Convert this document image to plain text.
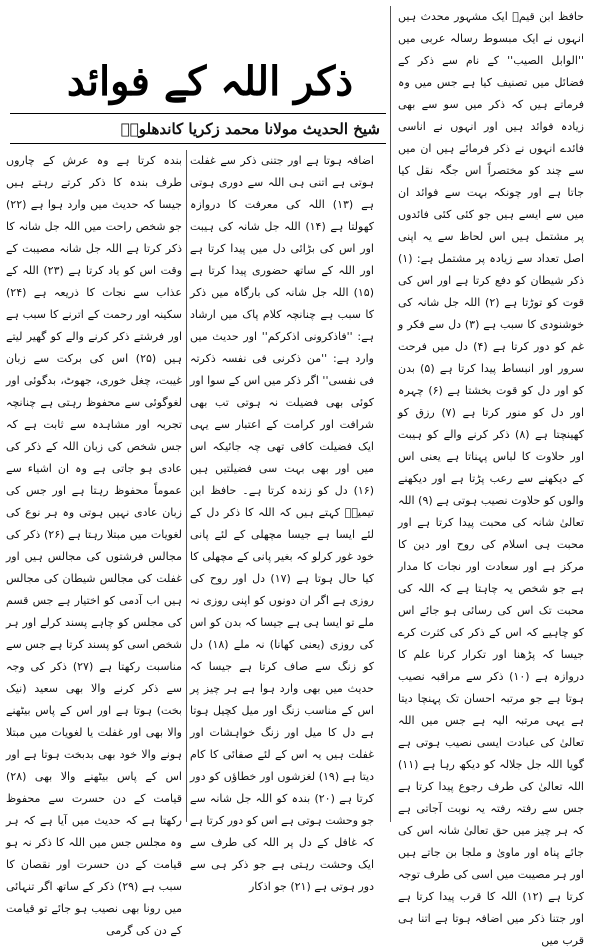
ذکر اللہ کے فوائد
شیخ الحدیث مولانا محمد زکریا کاندھلویؒ

حافظ ابن قیمؒ ایک مشہور محدث ہیں انہوں نے ایک مبسوط رسالہ عربی میں ''الوابل الصیب'' کے نام سے ذکر کے فضائل میں تصنیف کیا ہے جس میں وہ فرماتے ہیں کہ ذکر میں سو سے بھی زیادہ فوائد ہیں اور انہوں نے اناسی فائدے انہوں نے ذکر فرمائے ہیں ان میں سے چند کو مختصراً اس جگہ نقل کیا جاتا ہے اور چونکہ بہت سے فوائد ان میں سے ایسے ہیں جو کئی کئی فائدوں پر مشتمل ہیں اس لحاظ سے یہ اپنی اصل تعداد سے زیادہ پر مشتمل ہے: (۱) ذکر شیطان کو دفع کرتا ہے اور اس کی قوت کو توڑتا ہے (۲) اللہ جل شانہ کی خوشنودی کا سبب ہے (۳) دل سے فکر و غم کو دور کرتا ہے (۴) دل میں فرحت سرور اور انبساط پیدا کرتا ہے (۵) بدن کو اور دل کو قوت بخشتا ہے (۶) چہرہ اور دل کو منور کرتا ہے (۷) رزق کو کھینچتا ہے (۸) ذکر کرنے والے کو ہیبت اور حلاوت کا لباس پہناتا ہے یعنی اس کے دیکھنے سے رعب پڑتا ہے اور دیکھنے والوں کو حلاوت نصیب ہوتی ہے (۹) اللہ تعالیٰ شانہ کی محبت پیدا کرتا ہے اور محبت ہی اسلام کی روح اور دین کا مرکز ہے اور سعادت اور نجات کا مدار ہے جو شخص یہ چاہتا ہے کہ اللہ کی محبت تک اس کی رسائی ہو جائے اس کو چاہیے کہ اس کے ذکر کی کثرت کرے جیسا کہ پڑھنا اور تکرار کرنا علم کا دروازہ ہے (۱۰) ذکر سے مراقبہ نصیب ہوتا ہے جو مرتبہ احسان تک پہنچا دیتا ہے یہی مرتبہ الیہ ہے جس میں اللہ تعالیٰ کی عبادت ایسی نصیب ہوتی ہے گویا اللہ جل جلالہ کو دیکھ رہا ہے (۱۱) اللہ تعالیٰ کی طرف رجوع پیدا کرتا ہے جس سے رفتہ رفتہ یہ نوبت آجاتی ہے کہ ہر چیز میں حق تعالیٰ شانہ اس کی جائے پناہ اور ماویٰ و ملجا بن جاتے ہیں اور ہر مصیبت میں اسی کی طرف توجہ کرتا ہے (۱۲) اللہ کا قرب پیدا کرتا ہے اور جتنا ذکر میں اضافہ ہوتا ہے اتنا ہی قرب میں

اضافہ ہوتا ہے اور جتنی ذکر سے غفلت ہوتی ہے اتنی ہی اللہ سے دوری ہوتی ہے (۱۳) اللہ کی معرفت کا دروازہ کھولتا ہے (۱۴) اللہ جل شانہ کی ہیبت اور اس کی بڑائی دل میں پیدا کرتا ہے اور اللہ کے ساتھ حضوری پیدا کرتا ہے (۱۵) اللہ جل شانہ کی بارگاہ میں ذکر کا سبب ہے چنانچہ کلام پاک میں ارشاد ہے: ''فاذکرونی اذکرکم'' اور حدیث میں وارد ہے: ''من ذکرنی فی نفسہ ذکرتہ فی نفسی'' اگر ذکر میں اس کے سوا اور کوئی بھی فضیلت نہ ہوتی تب بھی شرافت اور کرامت کے اعتبار سے یہی ایک فضیلت کافی تھی چہ جائیکہ اس میں اور بھی بہت سی فضیلتیں ہیں (۱۶) دل کو زندہ کرتا ہے۔ حافظ ابن تیمیہؒ کہتے ہیں کہ اللہ کا ذکر دل کے لئے ایسا ہے جیسا مچھلی کے لئے پانی خود غور کرلو کہ بغیر پانی کے مچھلی کا کیا حال ہوتا ہے (۱۷) دل اور روح کی روزی ہے اگر ان دونوں کو اپنی روزی نہ ملے تو ایسا ہی ہے جیسا کہ بدن کو اس کی روزی (یعنی کھانا) نہ ملے (۱۸) دل کو زنگ سے صاف کرتا ہے جیسا کہ حدیث میں بھی وارد ہوا ہے ہر چیز پر اس کے مناسب زنگ اور میل کچیل ہوتا ہے دل کا میل اور زنگ خواہشات اور غفلت ہیں یہ اس کے لئے صفائی کا کام دیتا ہے (۱۹) لغزشوں اور خطاؤں کو دور کرتا ہے (۲۰) بندہ کو اللہ جل شانہ سے جو وحشت ہوتی ہے اس کو دور کرتا ہے کہ غافل کے دل پر اللہ کی طرف سے ایک وحشت رہتی ہے جو ذکر ہی سے دور ہوتی ہے (۲۱) جو اذکار

بندہ کرتا ہے وہ عرش کے چاروں طرف بندہ کا ذکر کرتے رہتے ہیں جیسا کہ حدیث میں وارد ہوا ہے (۲۲) جو شخص راحت میں اللہ جل شانہ کا ذکر کرتا ہے اللہ جل شانہ مصیبت کے وقت اس کو یاد کرتا ہے (۲۳) اللہ کے عذاب سے نجات کا ذریعہ ہے (۲۴) سکینہ اور رحمت کے اترنے کا سبب ہے اور فرشتے ذکر کرنے والے کو گھیر لیتے ہیں (۲۵) اس کی برکت سے زبان غیبت، چغل خوری، جھوٹ، بدگوئی اور لغوگوئی سے محفوظ رہتی ہے چنانچہ تجربہ اور مشاہدہ سے ثابت ہے کہ جس شخص کی زبان اللہ کے ذکر کی عادی ہو جاتی ہے وہ ان اشیاء سے عموماً محفوظ رہتا ہے اور جس کی زبان عادی نہیں ہوتی وہ ہر نوع کی لغویات میں مبتلا رہتا ہے (۲۶) ذکر کی مجالس فرشتوں کی مجالس ہیں اور غفلت کی مجالس شیطان کی مجالس ہیں اب آدمی کو اختیار ہے جس قسم کی مجلس کو چاہے پسند کرلے اور ہر شخص اسی کو پسند کرتا ہے جس سے مناسبت رکھتا ہے (۲۷) ذکر کی وجہ سے ذکر کرنے والا بھی سعید (نیک بخت) ہوتا ہے اور اس کے پاس بیٹھنے والا بھی اور غفلت یا لغویات میں مبتلا ہونے والا خود بھی بدبخت ہوتا ہے اور اس کے پاس بیٹھنے والا بھی (۲۸) قیامت کے دن حسرت سے محفوظ رکھتا ہے کہ حدیث میں آیا ہے کہ ہر وہ مجلس جس میں اللہ کا ذکر نہ ہو قیامت کے دن حسرت اور نقصان کا سبب ہے (۲۹) ذکر کے ساتھ اگر تنہائی میں رونا بھی نصیب ہو جائے تو قیامت کے دن کی گرمی
